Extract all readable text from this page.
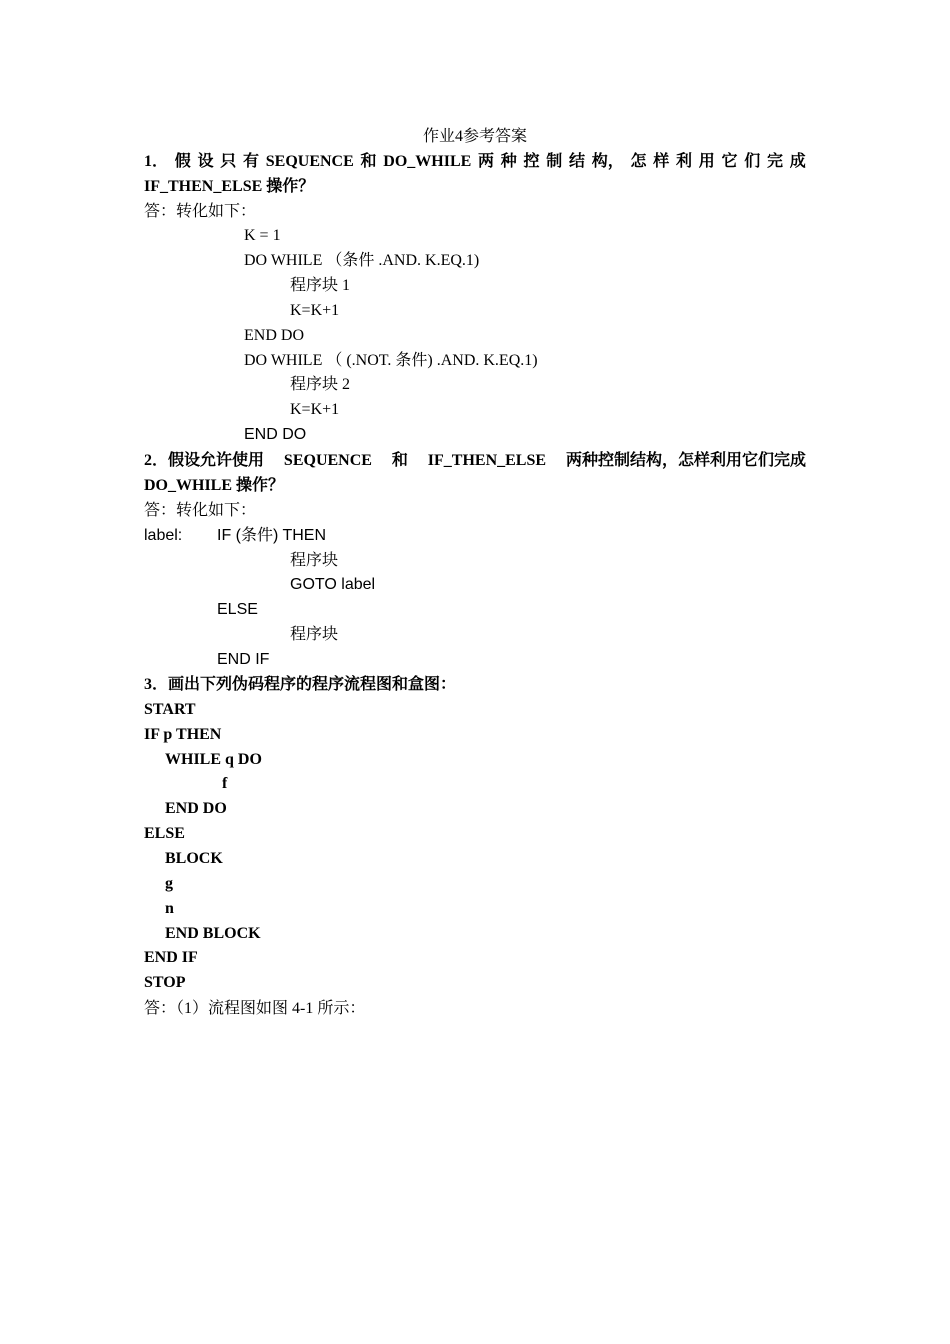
作业4参考答案
1． 假 设 只 有 SEQUENCE 和 DO_WHILE 两 种 控 制 结 构， 怎 样 利 用 它 们 完 成
IF_THEN_ELSE 操作？
答：转化如下：
K = 1
DO WHILE （条件 .AND. K.EQ.1)
程序块 1
K=K+1
END DO
DO WHILE （ (.NOT. 条件) .AND. K.EQ.1)
程序块 2
K=K+1
END DO
2．假设允许使用 SEQUENCE 和 IF_THEN_ELSE 两种控制结构，怎样利用它们完成
DO_WHILE 操作？
答：转化如下：
label: IF (条件) THEN
程序块
GOTO label
ELSE
程序块
END IF
3．画出下列伪码程序的程序流程图和盒图：
START
IF p THEN
WHILE q DO
f
END DO
ELSE
BLOCK
g
n
END BLOCK
END IF
STOP
答：（1）流程图如图 4-1 所示：
